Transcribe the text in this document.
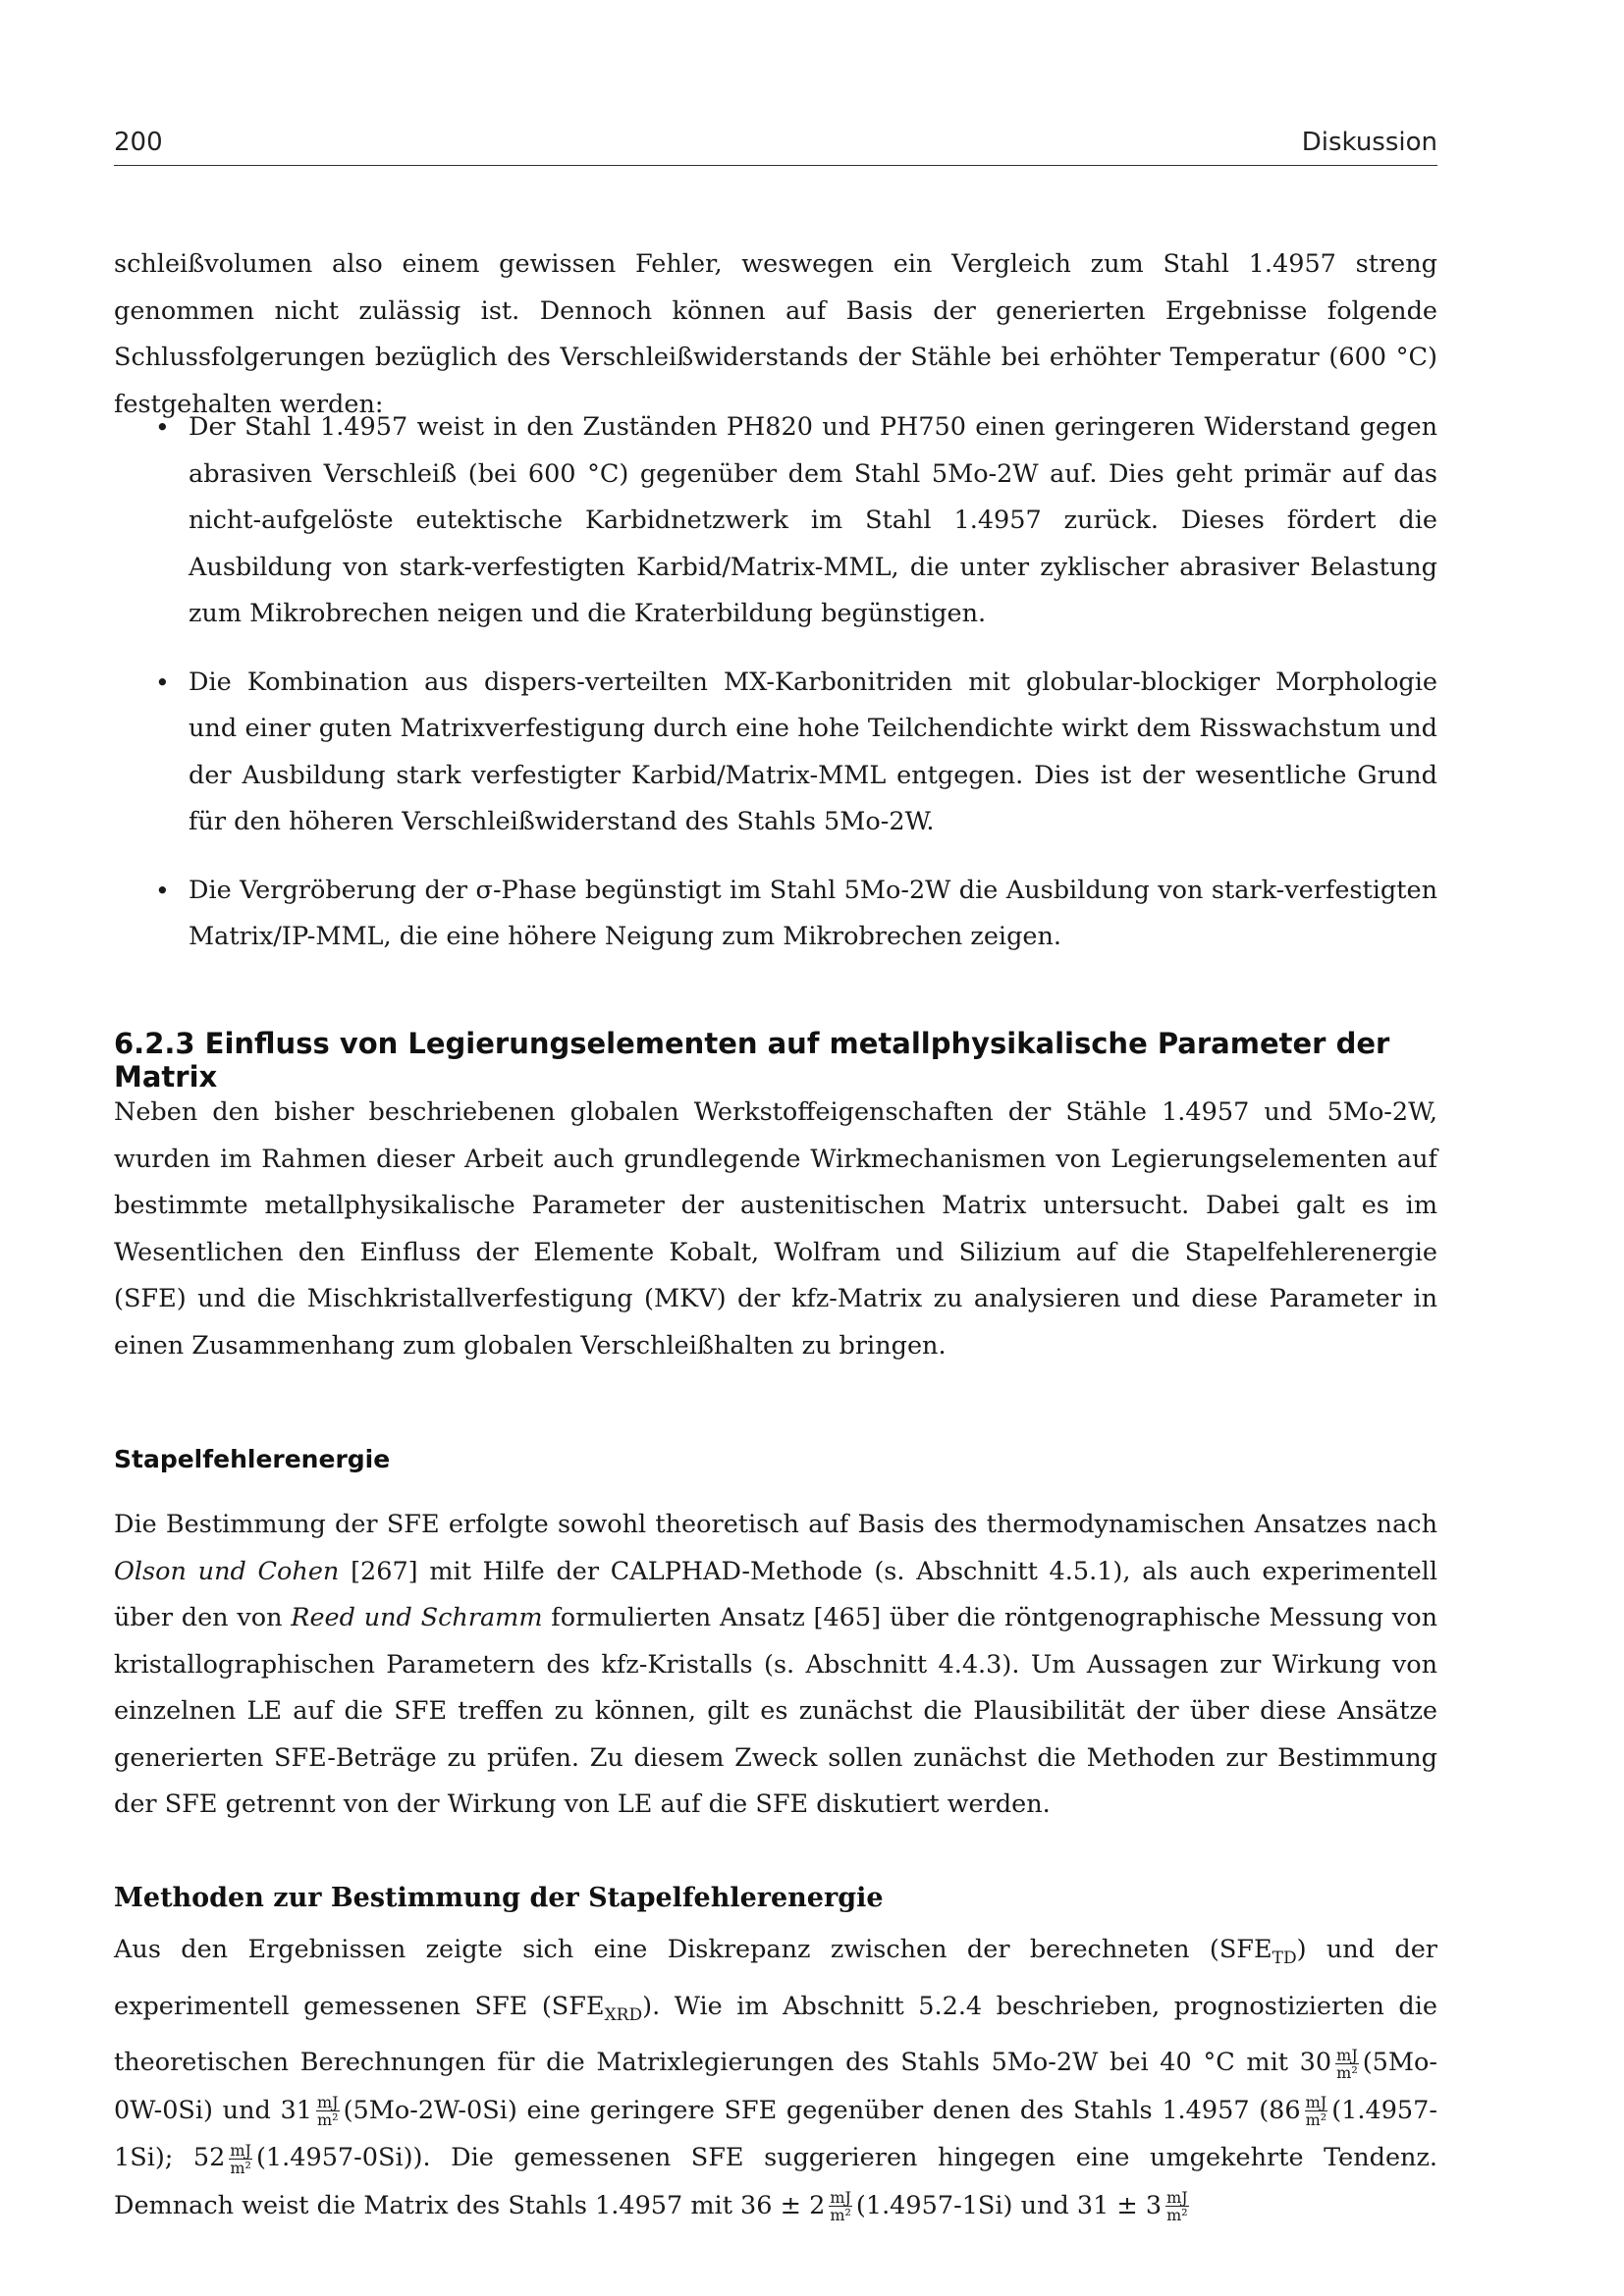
200	Diskussion
schleißvolumen also einem gewissen Fehler, weswegen ein Vergleich zum Stahl 1.4957 streng genommen nicht zulässig ist. Dennoch können auf Basis der generierten Ergebnisse folgende Schlussfolgerungen bezüglich des Verschleißwiderstands der Stähle bei erhöhter Temperatur (600 °C) festgehalten werden:
• Der Stahl 1.4957 weist in den Zuständen PH820 und PH750 einen geringeren Widerstand gegen abrasiven Verschleiß (bei 600 °C) gegenüber dem Stahl 5Mo-2W auf. Dies geht primär auf das nicht-aufgelöste eutektische Karbidnetzwerk im Stahl 1.4957 zurück. Dieses fördert die Ausbildung von stark-verfestigten Karbid/Matrix-MML, die unter zyklischer abrasiver Belastung zum Mikrobrechen neigen und die Kraterbildung begünstigen.
• Die Kombination aus dispers-verteilten MX-Karbonitriden mit globular-blockiger Morphologie und einer guten Matrixverfestigung durch eine hohe Teilchendichte wirkt dem Risswachstum und der Ausbildung stark verfestigter Karbid/Matrix-MML entgegen. Dies ist der wesentliche Grund für den höheren Verschleißwiderstand des Stahls 5Mo-2W.
• Die Vergröberung der σ-Phase begünstigt im Stahl 5Mo-2W die Ausbildung von stark-verfestigten Matrix/IP-MML, die eine höhere Neigung zum Mikrobrechen zeigen.
6.2.3 Einfluss von Legierungselementen auf metallphysikalische Parameter der Matrix
Neben den bisher beschriebenen globalen Werkstoffeigenschaften der Stähle 1.4957 und 5Mo-2W, wurden im Rahmen dieser Arbeit auch grundlegende Wirkmechanismen von Legierungselementen auf bestimmte metallphysikalische Parameter der austenitischen Matrix untersucht. Dabei galt es im Wesentlichen den Einfluss der Elemente Kobalt, Wolfram und Silizium auf die Stapelfehlerenergie (SFE) und die Mischkristallverfestigung (MKV) der kfz-Matrix zu analysieren und diese Parameter in einen Zusammenhang zum globalen Verschleißhalten zu bringen.
Stapelfehlerenergie
Die Bestimmung der SFE erfolgte sowohl theoretisch auf Basis des thermodynamischen Ansatzes nach Olson und Cohen [267] mit Hilfe der CALPHAD-Methode (s. Abschnitt 4.5.1), als auch experimentell über den von Reed und Schramm formulierten Ansatz [465] über die röntgenographische Messung von kristallographischen Parametern des kfz-Kristalls (s. Abschnitt 4.4.3). Um Aussagen zur Wirkung von einzelnen LE auf die SFE treffen zu können, gilt es zunächst die Plausibilität der über diese Ansätze generierten SFE-Beträge zu prüfen. Zu diesem Zweck sollen zunächst die Methoden zur Bestimmung der SFE getrennt von der Wirkung von LE auf die SFE diskutiert werden.
Methoden zur Bestimmung der Stapelfehlerenergie
Aus den Ergebnissen zeigte sich eine Diskrepanz zwischen der berechneten $(SFE_{TD})$ und der experimentell gemessenen SFE $(SFE_{XRD})$. Wie im Abschnitt 5.2.4 beschrieben, prognostizierten die theoretischen Berechnungen für die Matrixlegierungen des Stahls 5Mo-2W bei 40 °C mit $30 \frac{mJ}{\text{m²}} (5Mo-0W-0Si)$ und $31 \frac{mJ}{\text{m²}} (5Mo-2W-0Si)$ eine geringere SFE gegenüber denen des Stahls 1.4957 ($86 \frac{mJ}{\text{m²}} (1.4957-1Si)$; $52 \frac{mJ}{\text{m²}} (1.4957-0Si)$). Die gemessenen SFE suggerieren hingegen eine umgekehrte Tendenz. Demnach weist die Matrix des Stahls 1.4957 mit $36 \pm 2 \frac{mJ}{\text{m²}} (1.4957-1Si)$ und $31 \pm 3 \frac{mJ}{\text{m²}}$
